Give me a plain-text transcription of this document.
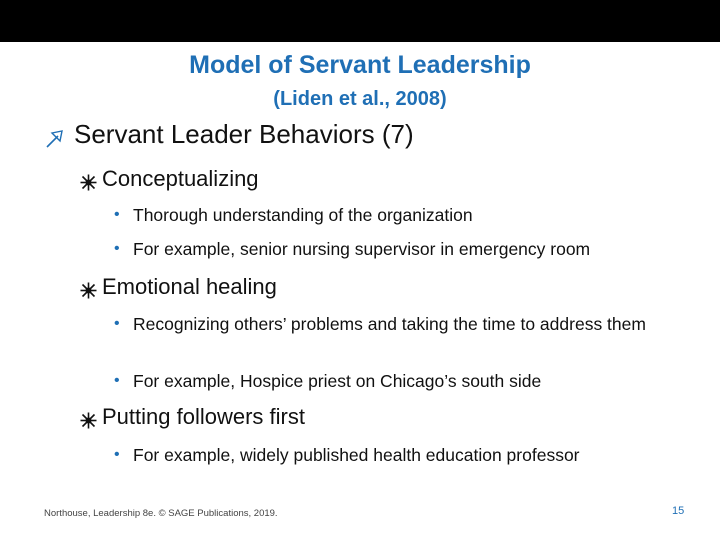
Model of Servant Leadership
(Liden et al., 2008)
Servant Leader Behaviors (7)
Conceptualizing
• Thorough understanding of the organization
• For example, senior nursing supervisor in emergency room
Emotional healing
• Recognizing others’ problems and taking the time to address them
• For example, Hospice priest on Chicago’s south side
Putting followers first
• For example, widely published health education professor
Northouse, Leadership 8e. © SAGE Publications, 2019.	15
